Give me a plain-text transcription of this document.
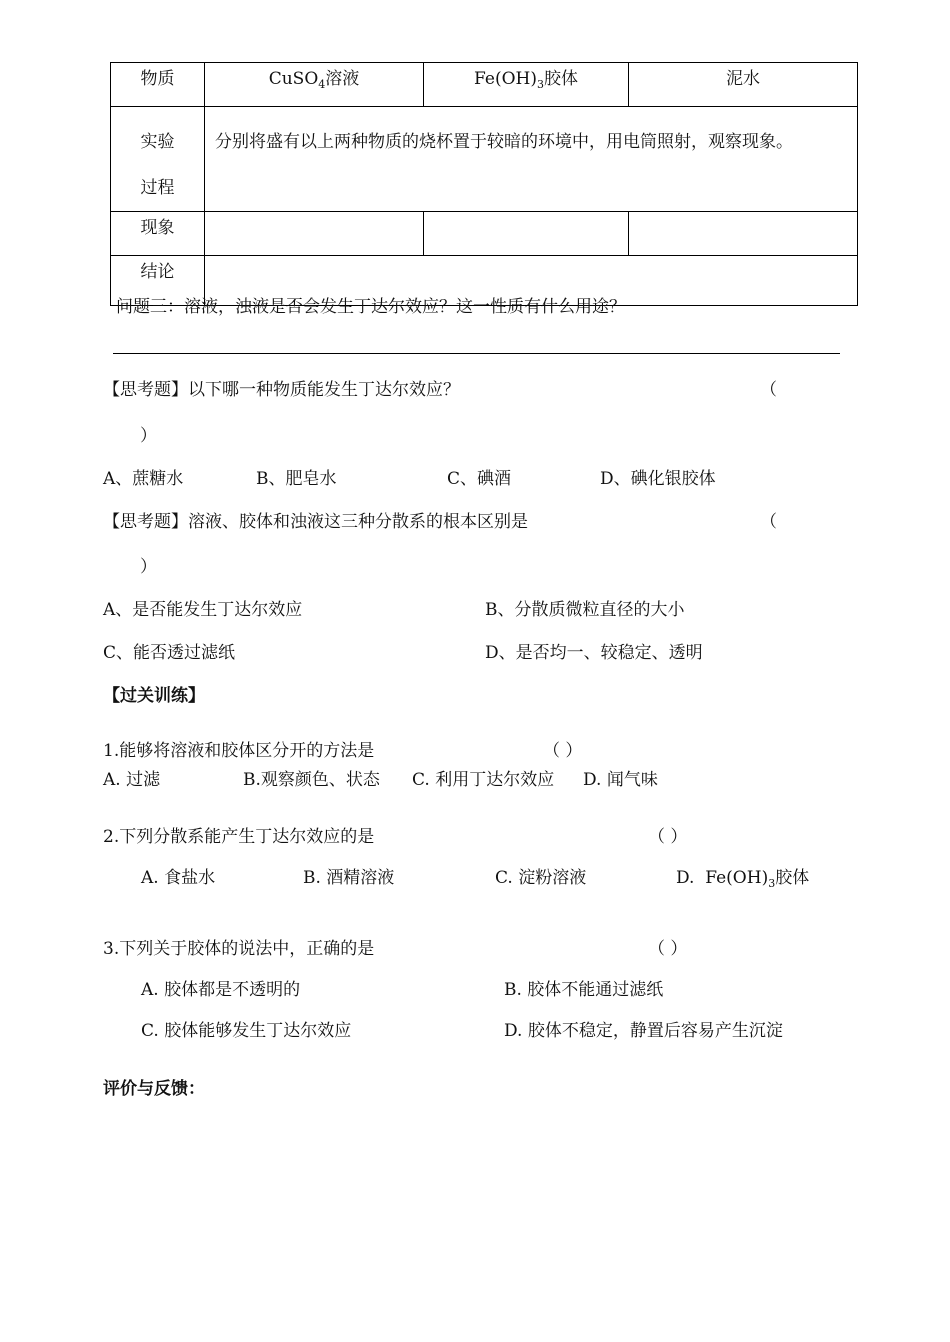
物质	CuSO$_4$溶液	$Fe(OH)_3$胶体	泥水

实验过程	分别将盛有以上两种物质的烧杯置于较暗的环境中，用电筒照射，观察现象。		
现象			
结论			
问题三：溶液，浊液是否会发生丁达尔效应？这一性质有什么用途？
【思考题】以下哪一种物质能发生丁达尔效应？	（
）
A、蔗糖水	B、肥皂水	C、碘酒	D、碘化银胶体
【思考题】溶液、胶体和浊液这三种分散系的根本区别是	（
）
A、是否能发生丁达尔效应	B、分散质微粒直径的大小
C、能否透过滤纸	D、是否均一、较稳定、透明
【过关训练】
1.能够将溶液和胶体区分开的方法是	（ ）
A. 过滤	B.观察颜色、状态 C. 利用丁达尔效应 D. 闻气味
2.下列分散系能产生丁达尔效应的是	（ ）
A. 食盐水	B. 酒精溶液	C. 淀粉溶液	D.  $Fe(OH)_3$胶体
3.下列关于胶体的说法中，正确的是	（ ）
A. 胶体都是不透明的	B. 胶体不能通过滤纸
C. 胶体能够发生丁达尔效应	D. 胶体不稳定，静置后容易产生沉淀
评价与反馈：
